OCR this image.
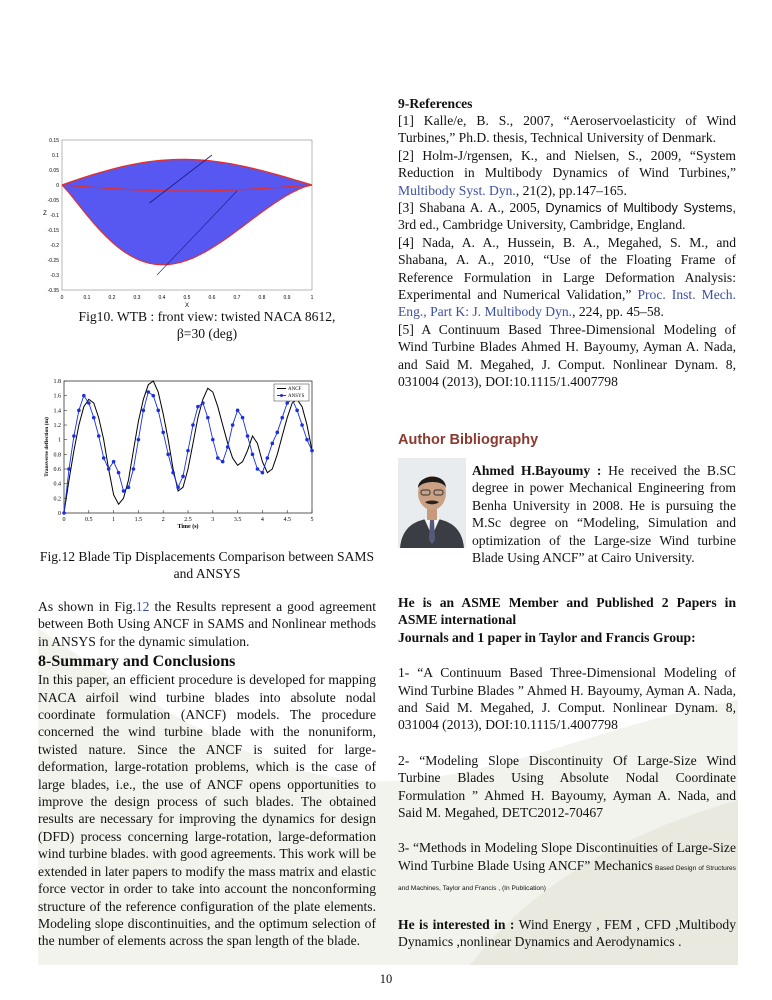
0	0.1	0.2	0.3	0.4	0.5	0.6	0.7	0.8	0.9	1
0.15
0.1
0.05
0
-0.05
-0.1
-0.15
-0.2
-0.25
-0.3
-0.35
X
Z
Fig10. WTB : front view: twisted NACA 8612,
β=30 (deg)
0	0.5	1	1.5	2	2.5	3	3.5	4	4.5	5
0
0.2
0.4
0.6
0.8
1
1.2
1.4
1.6
1.8
Time (s)
Transverse deflection (m)
ANCF
ANSYS
Fig.12 Blade Tip Displacements Comparison between SAMS
and ANSYS

As shown in Fig.12 the Results represent a good agreement between Both Using ANCF in SAMS and Nonlinear methods in ANSYS for the dynamic simulation.

8-Summary and Conclusions

In this paper, an efficient procedure is developed for mapping NACA airfoil wind turbine blades into absolute nodal coordinate formulation (ANCF) models. The procedure concerned the wind turbine blade with the nonuniform, twisted nature. Since the ANCF is suited for large-deformation, large-rotation problems, which is the case of large blades, i.e., the use of ANCF opens opportunities to improve the design process of such blades. The obtained results are necessary for improving the dynamics for design (DFD) process concerning large-rotation, large-deformation wind turbine blades. with good agreements. This work will be extended in later papers to modify the mass matrix and elastic force vector in order to take into account the nonconforming structure of the reference configuration of the plate elements. Modeling slope discontinuities, and the optimum selection of the number of elements across the span length of the blade.

9-References

[1] Kalle/e, B. S., 2007, “Aeroservoelasticity of Wind Turbines,” Ph.D. thesis, Technical University of Denmark.

[2] Holm-J/rgensen, K., and Nielsen, S., 2009, “System Reduction in Multibody Dynamics of Wind Turbines,” Multibody Syst. Dyn., 21(2), pp.147–165.

[3] Shabana A. A., 2005, Dynamics of Multibody Systems, 3rd ed., Cambridge University, Cambridge, England.

[4] Nada, A. A., Hussein, B. A., Megahed, S. M., and Shabana, A. A., 2010, “Use of the Floating Frame of Reference Formulation in Large Deformation Analysis: Experimental and Numerical Validation,” Proc. Inst. Mech. Eng., Part K: J. Multibody Dyn., 224, pp. 45–58.

[5] A Continuum Based Three-Dimensional Modeling of Wind Turbine Blades Ahmed H. Bayoumy, Ayman A. Nada, and Said M. Megahed, J. Comput. Nonlinear Dynam. 8, 031004 (2013), DOI:10.1115/1.4007798

Author Bibliography
Ahmed H.Bayoumy : He received the B.SC degree in power Mechanical Engineering from Benha University in 2008. He is pursuing the M.Sc degree on “Modeling, Simulation and optimization of the Large-size Wind turbine Blade Using ANCF” at Cairo University.

He is an ASME Member and Published 2 Papers in ASME international

Journals and 1 paper in Taylor and Francis Group:

1- “A Continuum Based Three-Dimensional Modeling of Wind Turbine Blades ” Ahmed H. Bayoumy, Ayman A. Nada, and Said M. Megahed, J. Comput. Nonlinear Dynam. 8, 031004 (2013), DOI:10.1115/1.4007798

2- “Modeling Slope Discontinuity Of Large-Size Wind Turbine Blades Using Absolute Nodal Coordinate Formulation ” Ahmed H. Bayoumy, Ayman A. Nada, and Said M. Megahed, DETC2012-70467

3- “Methods in Modeling Slope Discontinuities of Large-Size Wind Turbine Blade Using ANCF” Mechanics Based Design of Structures and Machines, Taylor and Francis , (In Publication)

He is interested in : Wind Energy , FEM , CFD ,Multibody Dynamics ,nonlinear Dynamics and Aerodynamics .

10
